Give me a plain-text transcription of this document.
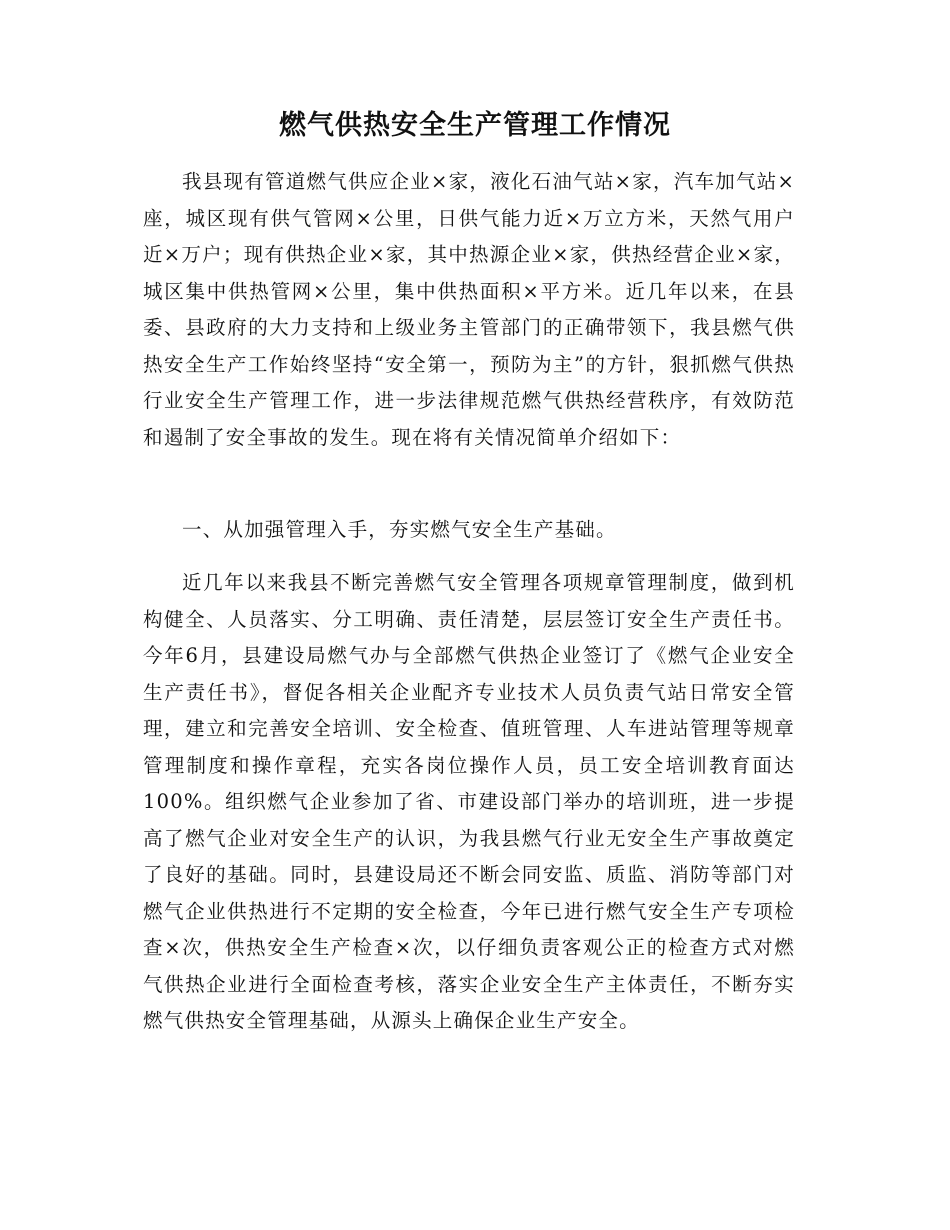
燃气供热安全生产管理工作情况

我县现有管道燃气供应企业×家，液化石油气站×家，汽车加气站×座，城区现有供气管网×公里，日供气能力近×万立方米，天然气用户近×万户；现有供热企业×家，其中热源企业×家，供热经营企业×家，城区集中供热管网×公里，集中供热面积×平方米。近几年以来，在县委、县政府的大力支持和上级业务主管部门的正确带领下，我县燃气供热安全生产工作始终坚持“安全第一，预防为主”的方针，狠抓燃气供热行业安全生产管理工作，进一步法律规范燃气供热经营秩序，有效防范和遏制了安全事故的发生。现在将有关情况简单介绍如下：

一、从加强管理入手，夯实燃气安全生产基础。

近几年以来我县不断完善燃气安全管理各项规章管理制度，做到机构健全、人员落实、分工明确、责任清楚，层层签订安全生产责任书。今年6月，县建设局燃气办与全部燃气供热企业签订了《燃气企业安全生产责任书》，督促各相关企业配齐专业技术人员负责气站日常安全管理，建立和完善安全培训、安全检查、值班管理、人车进站管理等规章管理制度和操作章程，充实各岗位操作人员，员工安全培训教育面达100%。组织燃气企业参加了省、市建设部门举办的培训班，进一步提高了燃气企业对安全生产的认识，为我县燃气行业无安全生产事故奠定了良好的基础。同时，县建设局还不断会同安监、质监、消防等部门对燃气企业供热进行不定期的安全检查，今年已进行燃气安全生产专项检查×次，供热安全生产检查×次，以仔细负责客观公正的检查方式对燃气供热企业进行全面检查考核，落实企业安全生产主体责任，不断夯实燃气供热安全管理基础，从源头上确保企业生产安全。
